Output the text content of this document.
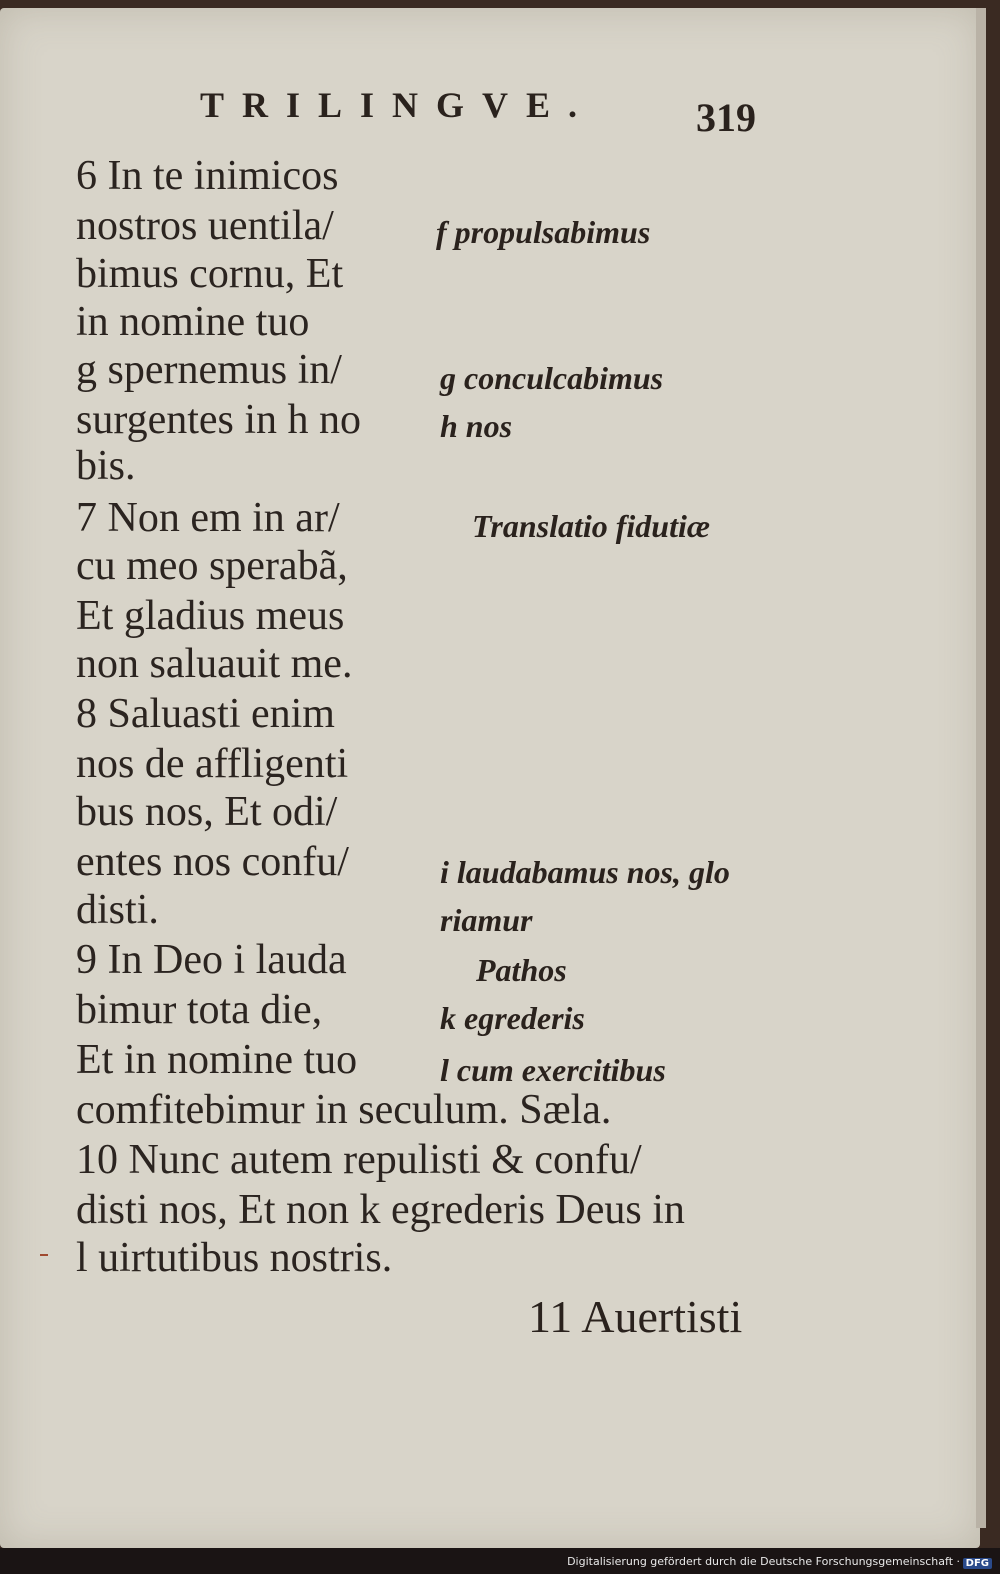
TRILINGVE.	319
6 In te inimicos
nostros uentila/
bimus cornu, Et
in nomine tuo
g spernemus in/
surgentes in h no
bis.
7 Non em in ar/
cu meo sperabã,
Et gladius meus
non saluauit me.
8 Saluasti enim
nos de affligenti
bus nos, Et odi/
entes nos confu/
disti.
9 In Deo i lauda
bimur tota die,
Et in nomine tuo
comfitebimur in seculum. Sæla.
10 Nunc autem repulisti & confu/
disti nos, Et non k egrederis Deus in
l uirtutibus nostris.
f propulsabimus
g conculcabimus
h nos
Translatio fidutiæ
i laudabamus nos, glo
riamur
Pathos
k egrederis
l cum exercitibus
11 Auertisti
Digitalisierung gefördert durch die Deutsche Forschungsgemeinschaft · DFG
